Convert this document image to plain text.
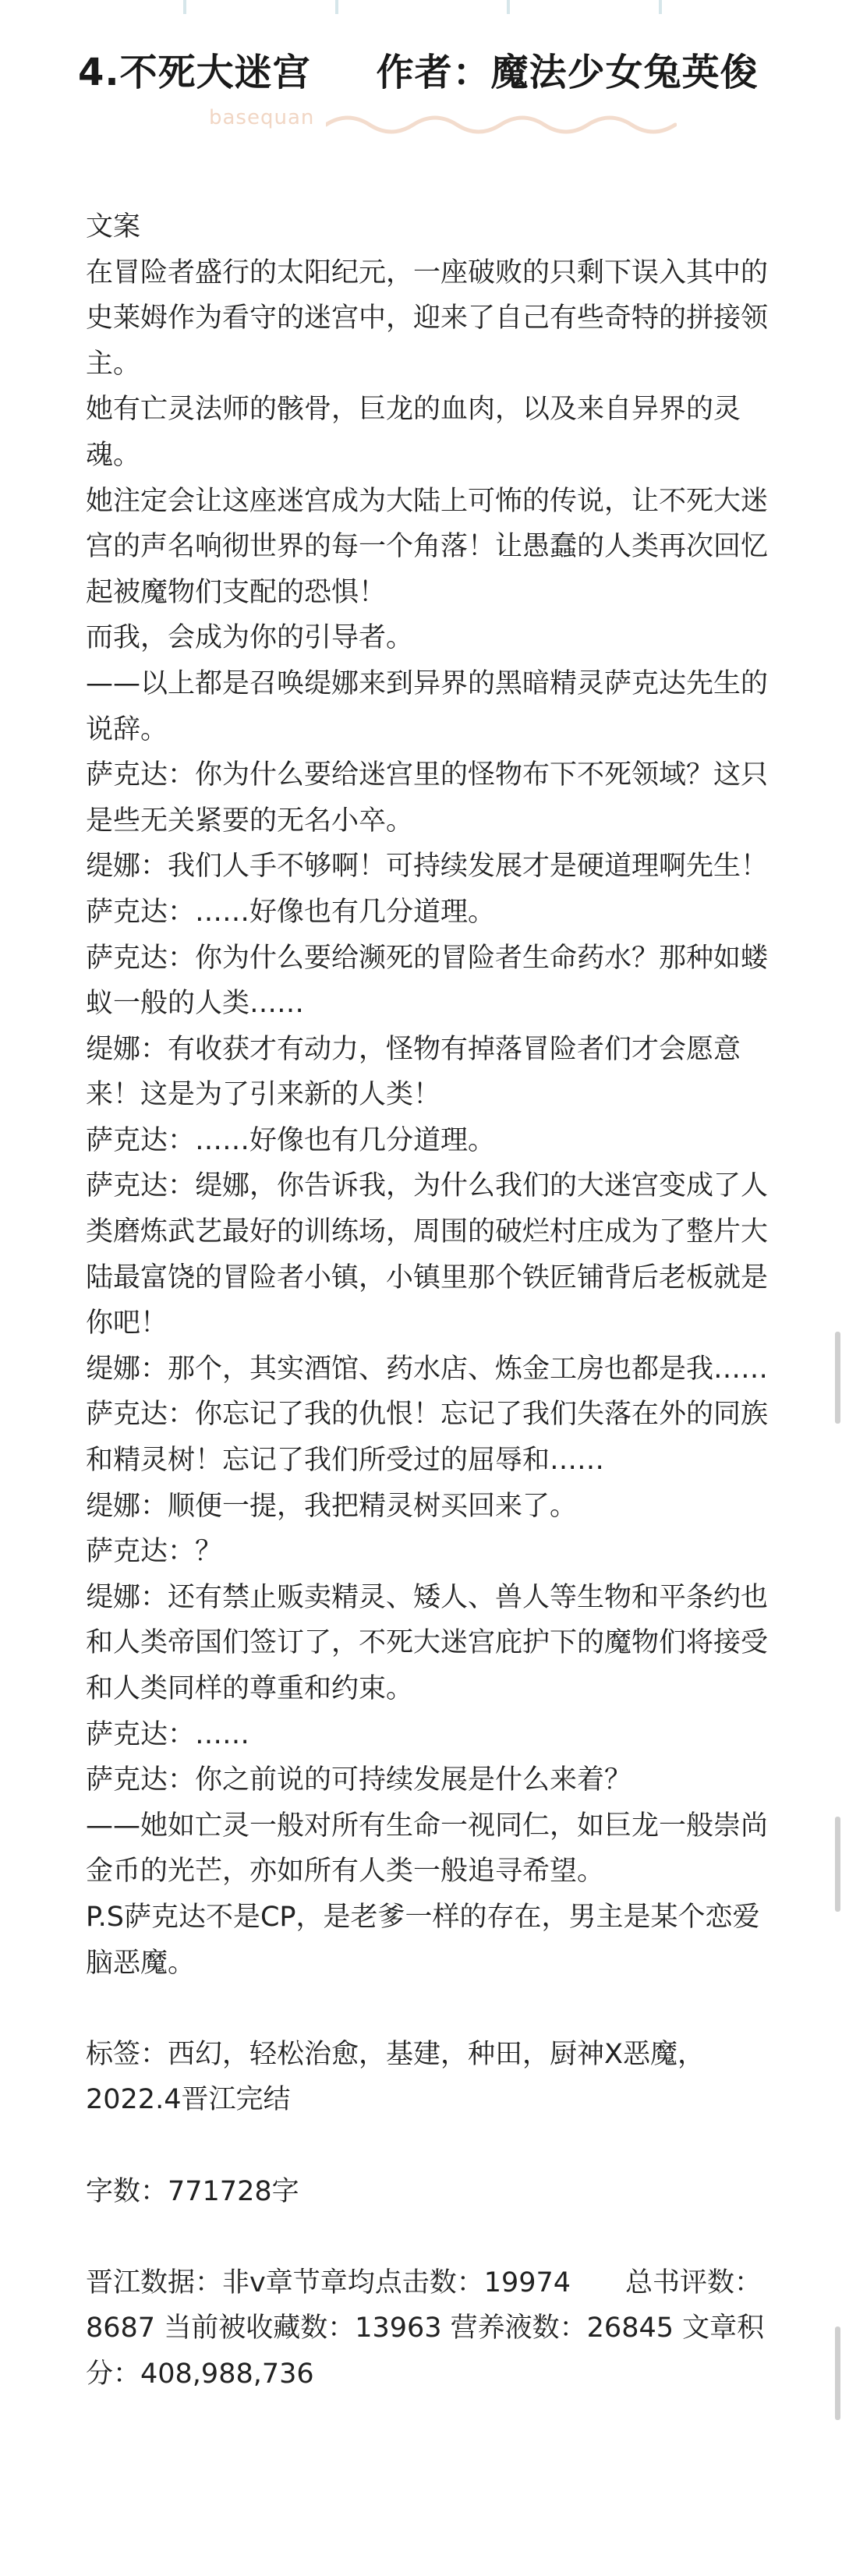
4.不死大迷宫 作者：魔法少女兔英俊
basequan

文案

在冒险者盛行的太阳纪元，一座破败的只剩下误入其中的史莱姆作为看守的迷宫中，迎来了自己有些奇特的拼接领主。

她有亡灵法师的骸骨，巨龙的血肉，以及来自异界的灵魂。

她注定会让这座迷宫成为大陆上可怖的传说，让不死大迷宫的声名响彻世界的每一个角落！让愚蠢的人类再次回忆起被魔物们支配的恐惧！

而我，会成为你的引导者。

——以上都是召唤缇娜来到异界的黑暗精灵萨克达先生的说辞。

萨克达：你为什么要给迷宫里的怪物布下不死领域？这只是些无关紧要的无名小卒。

缇娜：我们人手不够啊！可持续发展才是硬道理啊先生！

萨克达：……好像也有几分道理。

萨克达：你为什么要给濒死的冒险者生命药水？那种如蝼蚁一般的人类……

缇娜：有收获才有动力，怪物有掉落冒险者们才会愿意来！这是为了引来新的人类！

萨克达：……好像也有几分道理。

萨克达：缇娜，你告诉我，为什么我们的大迷宫变成了人类磨炼武艺最好的训练场，周围的破烂村庄成为了整片大陆最富饶的冒险者小镇，小镇里那个铁匠铺背后老板就是你吧！

缇娜：那个，其实酒馆、药水店、炼金工房也都是我……

萨克达：你忘记了我的仇恨！忘记了我们失落在外的同族和精灵树！忘记了我们所受过的屈辱和……

缇娜：顺便一提，我把精灵树买回来了。

萨克达：？

缇娜：还有禁止贩卖精灵、矮人、兽人等生物和平条约也和人类帝国们签订了，不死大迷宫庇护下的魔物们将接受和人类同样的尊重和约束。

萨克达：……

萨克达：你之前说的可持续发展是什么来着？

——她如亡灵一般对所有生命一视同仁，如巨龙一般崇尚金币的光芒，亦如所有人类一般追寻希望。

P.S萨克达不是CP，是老爹一样的存在，男主是某个恋爱脑恶魔。

标签：西幻，轻松治愈，基建，种田，厨神X恶魔，2022.4晋江完结

字数：771728字

晋江数据：非v章节章均点击数：19974　　总书评数：8687 当前被收藏数：13963 营养液数：26845 文章积分：408,988,736
